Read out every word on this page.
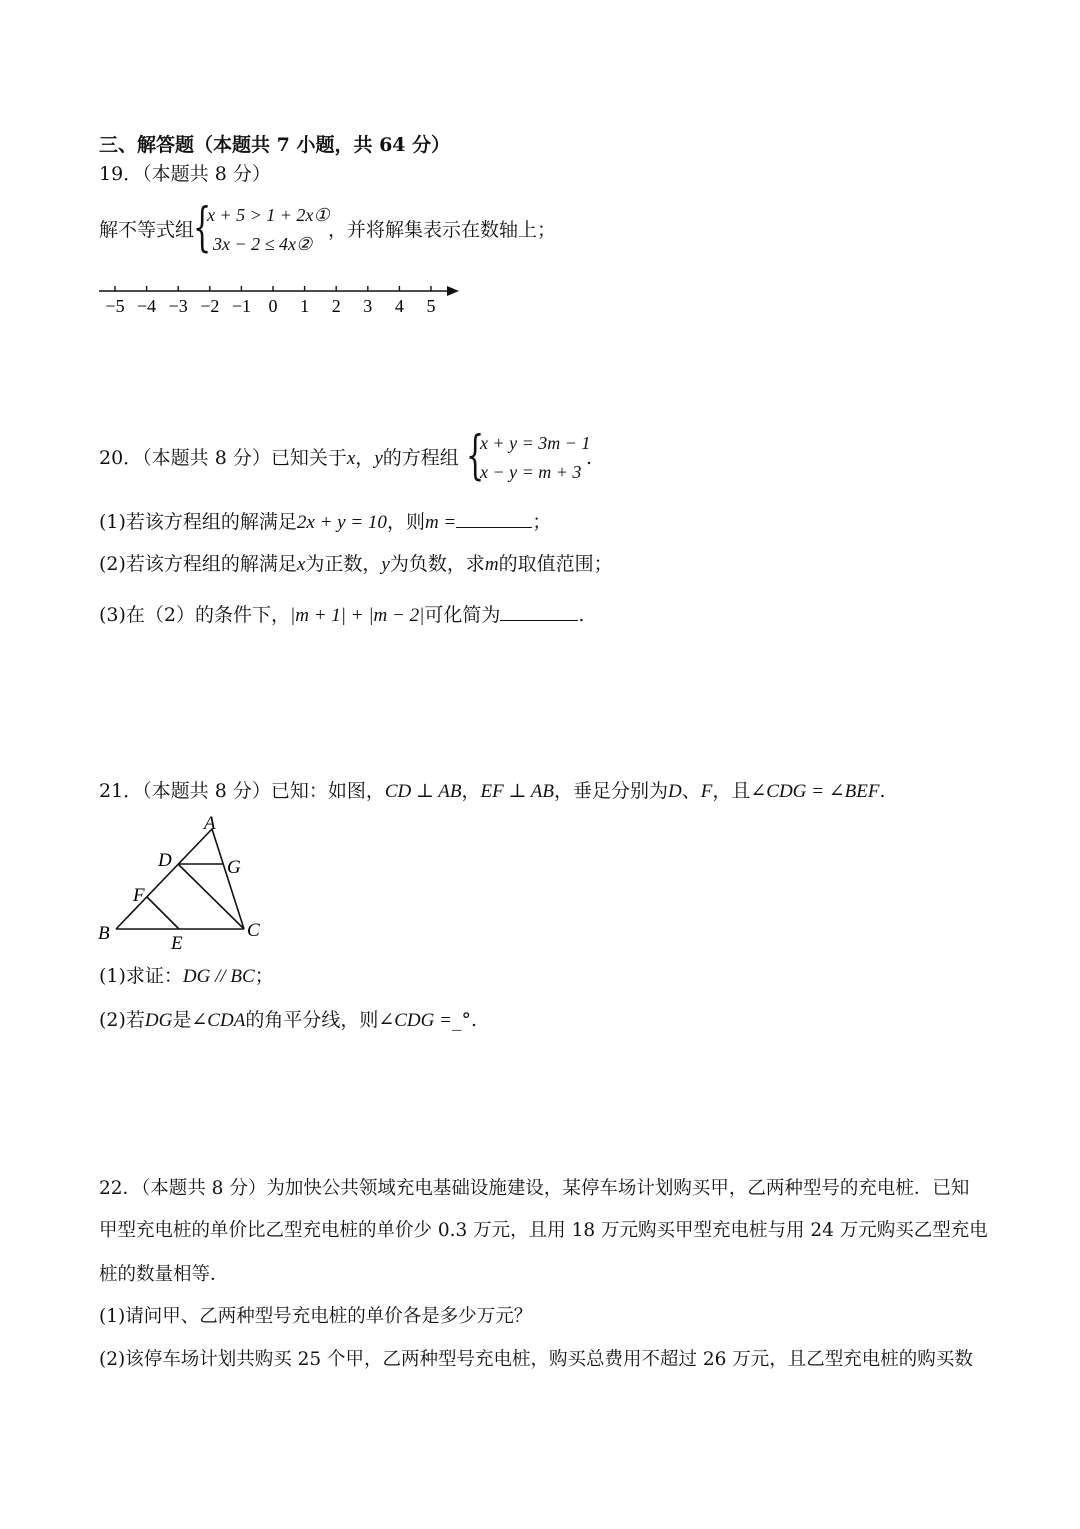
三、解答题（本题共 7 小题，共 64 分）
19．（本题共 8 分）
解不等式组
{
x + 5 > 1 + 2x①
3x − 2 ≤ 4x②
，并将解集表示在数轴上；
−5 −4 −3 −2 −1 0 1 2 3 4 5
20．（本题共 8 分）已知关于x，y的方程组 {
x + y = 3m − 1
x − y = m + 3
.
(1)若该方程组的解满足2x + y = 10，则m =	；
(2)若该方程组的解满足x为正数，y为负数，求m的取值范围；
(3)在（2）的条件下，|m + 1| + |m − 2|可化简为	.
21．（本题共 8 分）已知：如图，CD ⊥ AB，EF ⊥ AB，垂足分别为D、F，且∠CDG = ∠BEF.
A
D	G
F
B	C
E
(1)求证：DG // BC；
(2)若DG是∠CDA的角平分线，则∠CDG =_°.
22．（本题共 8 分）为加快公共领域充电基础设施建设，某停车场计划购买甲，乙两种型号的充电桩．已知
甲型充电桩的单价比乙型充电桩的单价少 0.3 万元，且用 18 万元购买甲型充电桩与用 24 万元购买乙型充电
桩的数量相等．
(1)请问甲、乙两种型号充电桩的单价各是多少万元？
(2)该停车场计划共购买 25 个甲，乙两种型号充电桩，购买总费用不超过 26 万元，且乙型充电桩的购买数
